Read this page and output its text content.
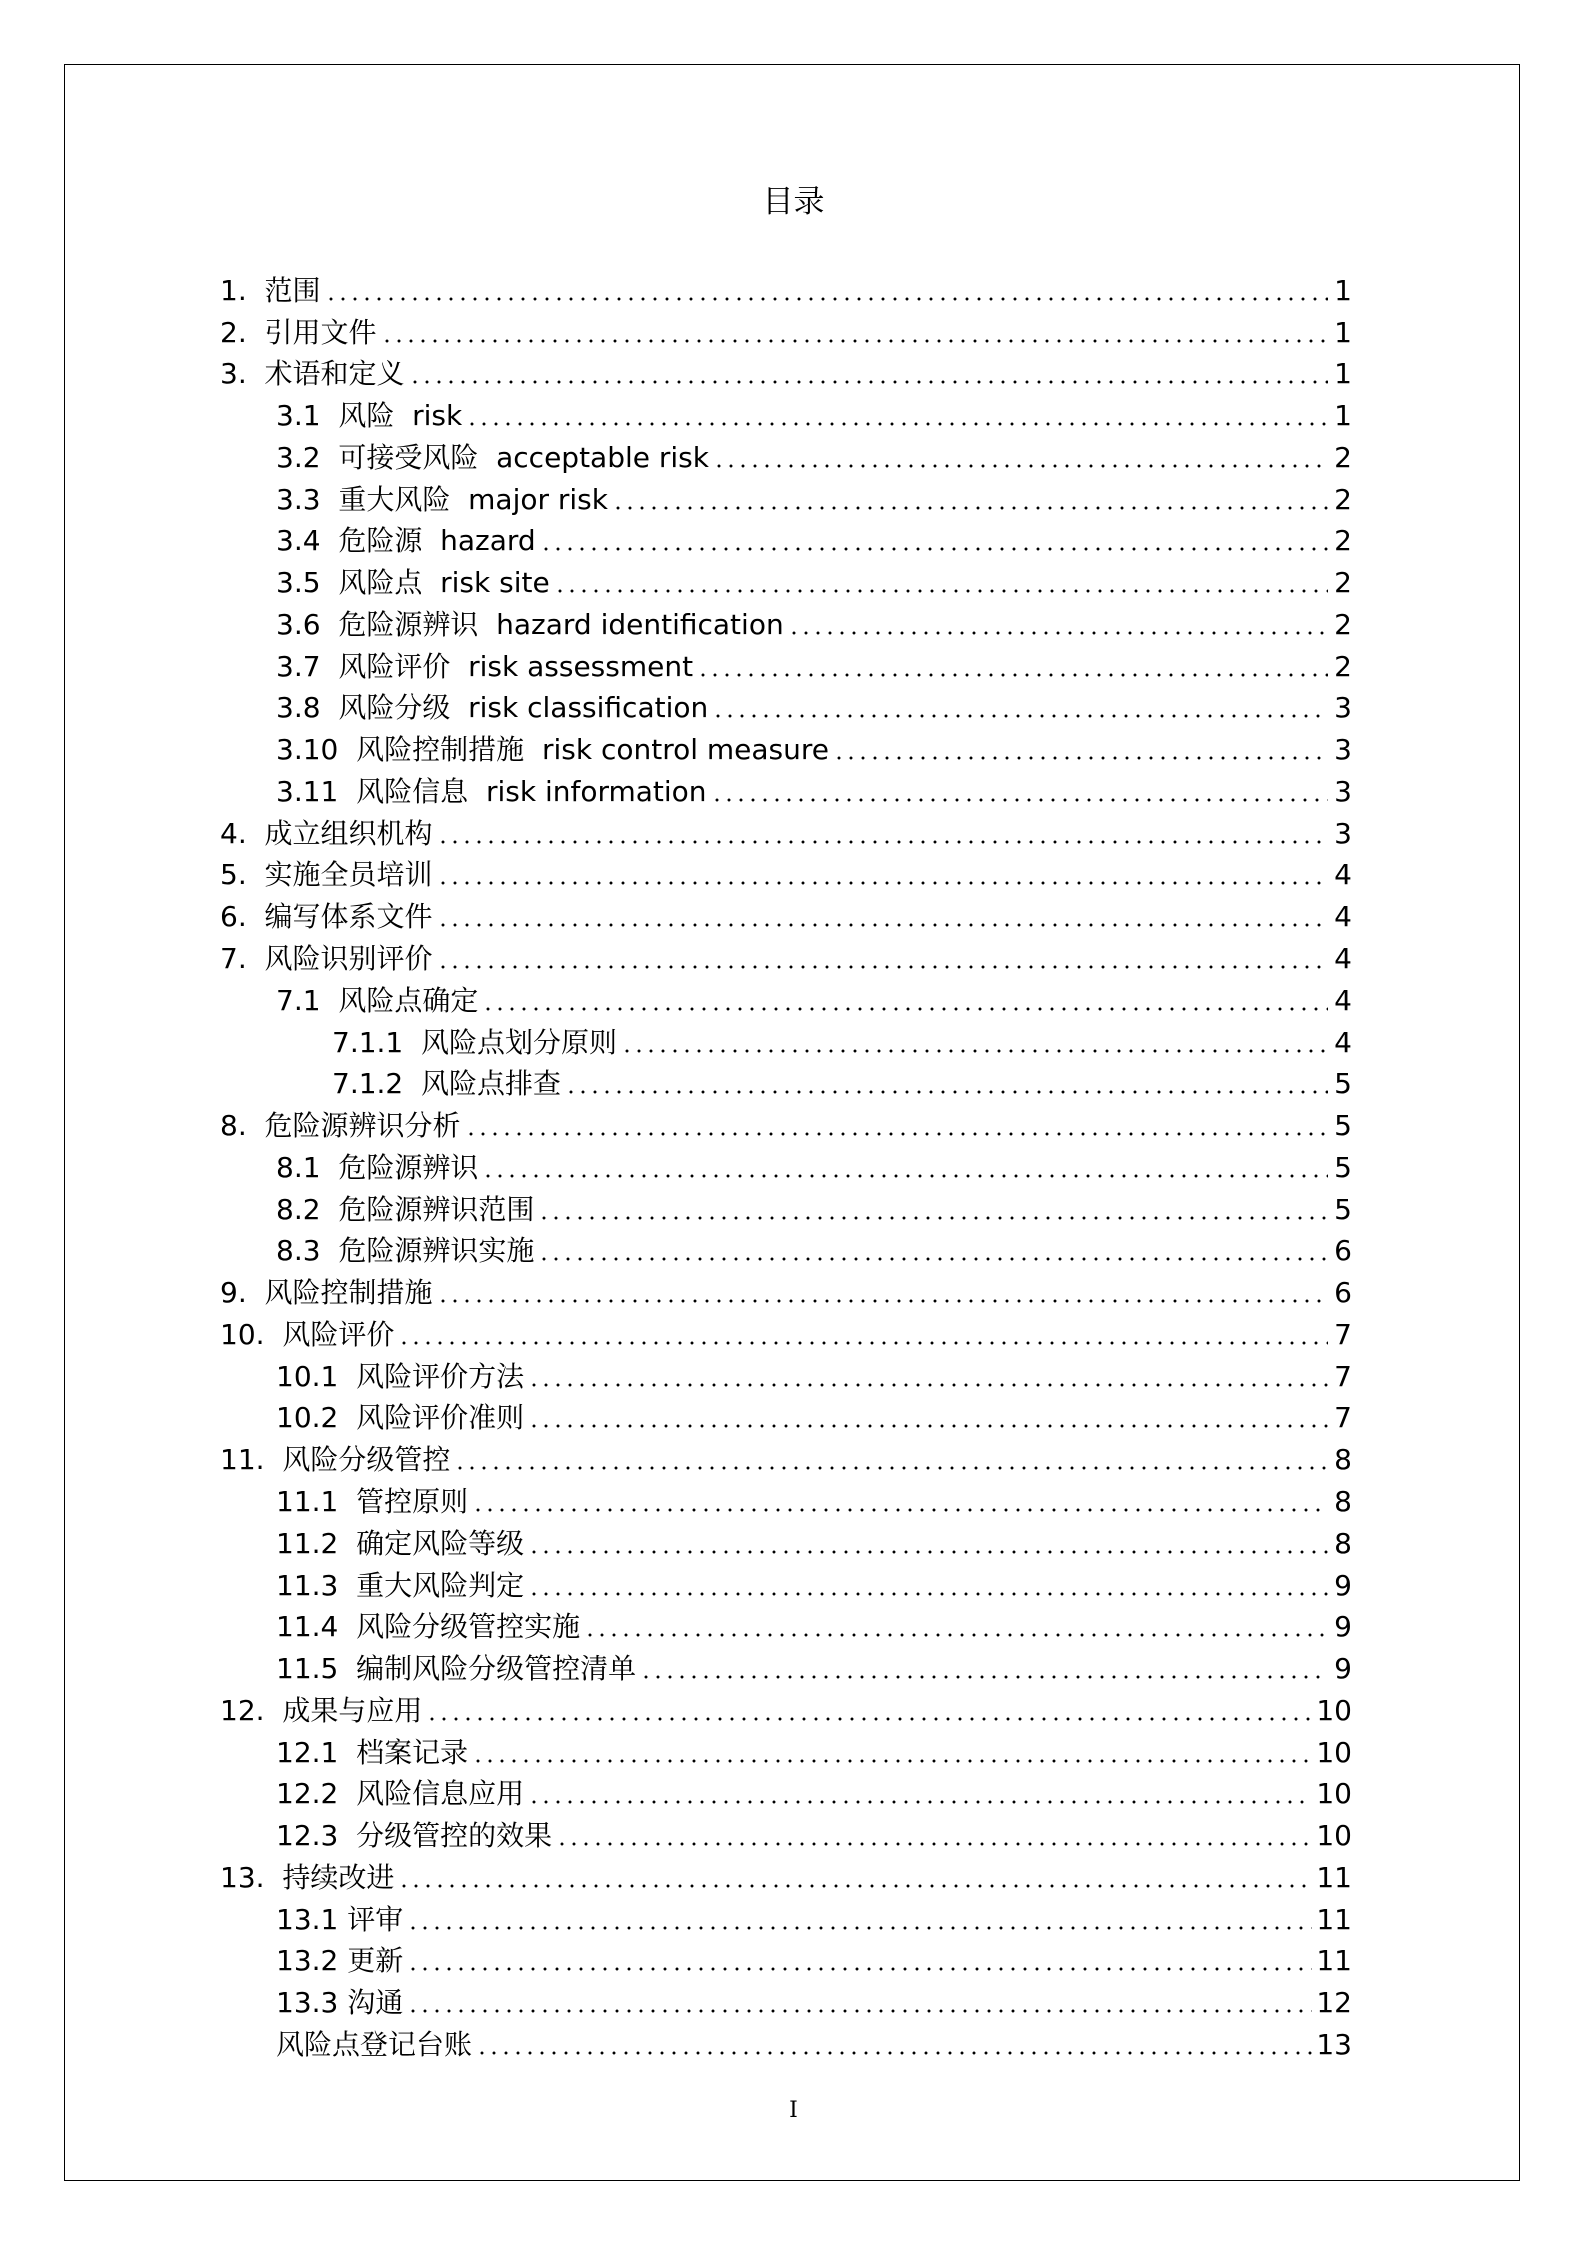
目录
1.  范围	1
2.  引用文件	1
3.  术语和定义	1
3.1  风险  risk	1
3.2  可接受风险  acceptable risk	2
3.3  重大风险  major risk	2
3.4  危险源  hazard	2
3.5  风险点  risk site	2
3.6  危险源辨识  hazard identification	2
3.7  风险评价  risk assessment	2
3.8  风险分级  risk classification	3
3.10  风险控制措施  risk control measure	3
3.11  风险信息  risk information	3
4.  成立组织机构	3
5.  实施全员培训	4
6.  编写体系文件	4
7.  风险识别评价	4
7.1  风险点确定	4
7.1.1  风险点划分原则	4
7.1.2  风险点排查	5
8.  危险源辨识分析	5
8.1  危险源辨识	5
8.2  危险源辨识范围	5
8.3  危险源辨识实施	6
9.  风险控制措施	6
10.  风险评价	7
10.1  风险评价方法	7
10.2  风险评价准则	7
11.  风险分级管控	8
11.1  管控原则	8
11.2  确定风险等级	8
11.3  重大风险判定	9
11.4  风险分级管控实施	9
11.5  编制风险分级管控清单	9
12.  成果与应用	10
12.1  档案记录	10
12.2  风险信息应用	10
12.3  分级管控的效果	10
13.  持续改进	11
13.1 评审	11
13.2 更新	11
13.3 沟通	12
风险点登记台账	13
I
